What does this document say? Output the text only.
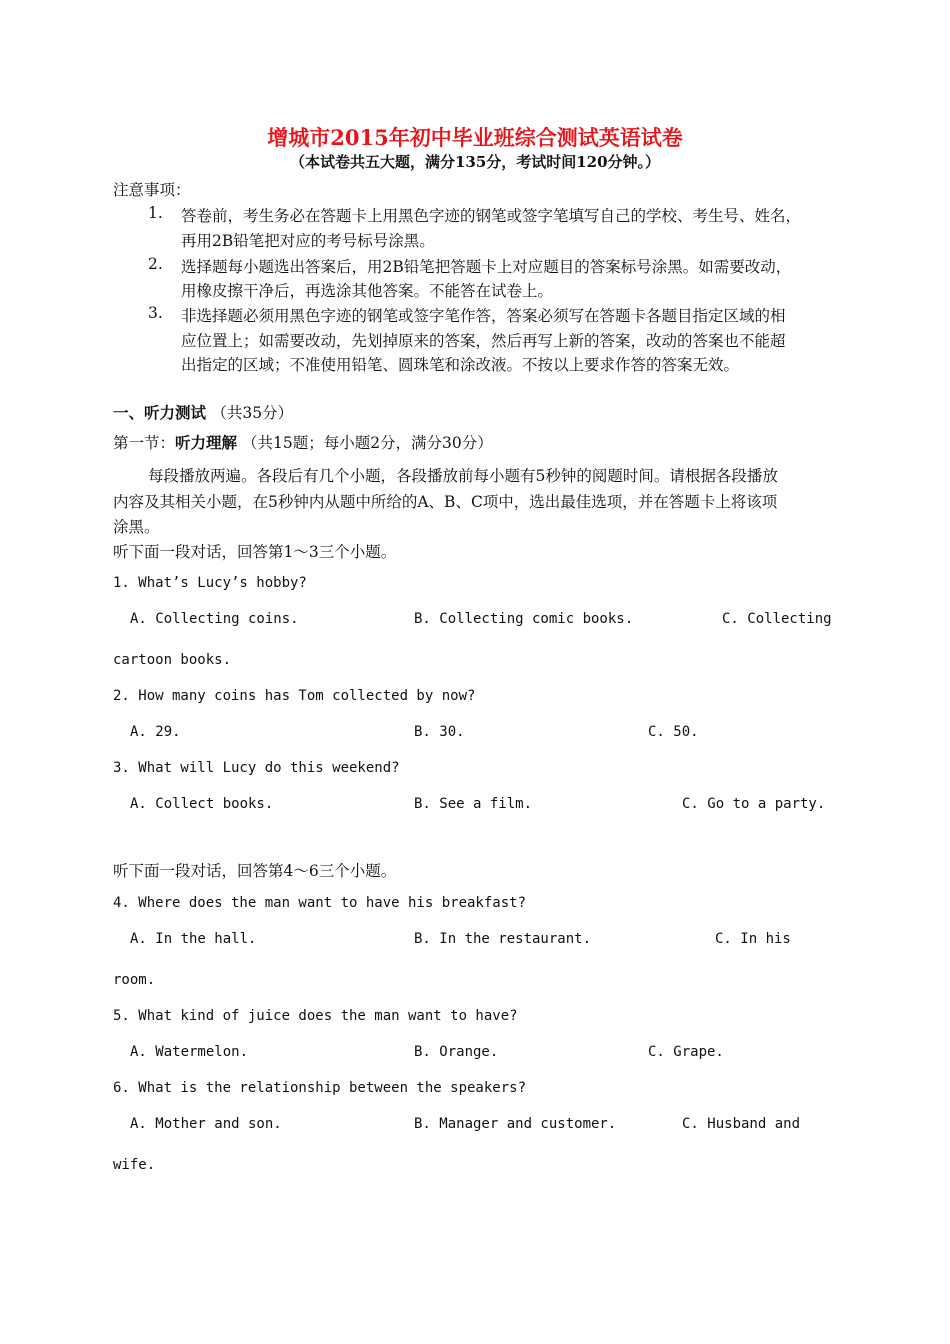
增城市2015年初中毕业班综合测试英语试卷
（本试卷共五大题，满分135分，考试时间120分钟。）
注意事项：
1. 答卷前，考生务必在答题卡上用黑色字迹的钢笔或签字笔填写自己的学校、考生号、姓名，
再用2B铅笔把对应的考号标号涂黑。
2. 选择题每小题选出答案后，用2B铅笔把答题卡上对应题目的答案标号涂黑。如需要改动，
用橡皮擦干净后，再选涂其他答案。不能答在试卷上。
3. 非选择题必须用黑色字迹的钢笔或签字笔作答，答案必须写在答题卡各题目指定区域的相
应位置上；如需要改动，先划掉原来的答案，然后再写上新的答案，改动的答案也不能超
出指定的区域；不准使用铅笔、圆珠笔和涂改液。不按以上要求作答的答案无效。
一、听力测试 （共35分）
第一节：听力理解 （共15题；每小题2分，满分30分）
每段播放两遍。各段后有几个小题，各段播放前每小题有5秒钟的阅题时间。请根据各段播放
内容及其相关小题，在5秒钟内从题中所给的A、B、C项中，选出最佳选项，并在答题卡上将该项
涂黑。
听下面一段对话，回答第1～3三个小题。
1. What’s Lucy’s hobby?
A. Collecting coins.	B. Collecting comic books.	C. Collecting
cartoon books.
2. How many coins has Tom collected by now?
A. 29.	B. 30.	C. 50.
3. What will Lucy do this weekend?
A. Collect books.	B. See a film.	C. Go to a party.
听下面一段对话，回答第4～6三个小题。
4. Where does the man want to have his breakfast?
A. In the hall.	B. In the restaurant.	C. In his
room.
5. What kind of juice does the man want to have?
A. Watermelon.	B. Orange.	C. Grape.
6. What is the relationship between the speakers?
A. Mother and son.	B. Manager and customer.	C. Husband and
wife.
